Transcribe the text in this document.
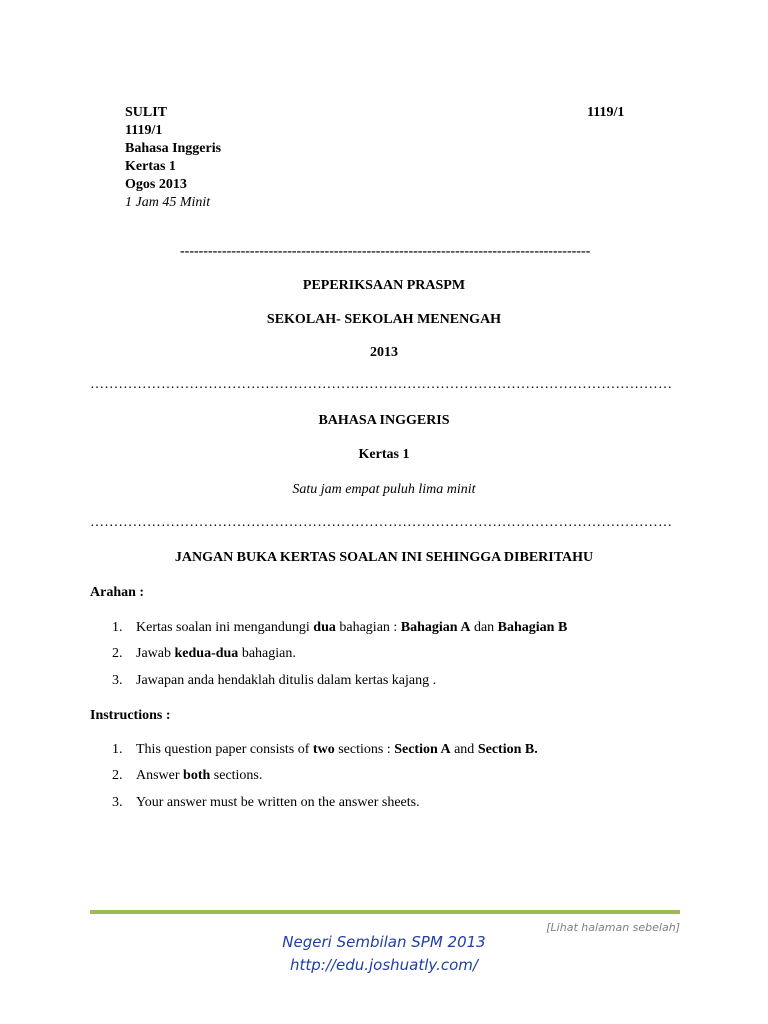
SULIT
1119/1
Bahasa Inggeris
Kertas 1
Ogos 2013
1 Jam 45 Minit
1119/1
----------------------------------------------------------------------------------------
PEPERIKSAAN PRASPM
SEKOLAH- SEKOLAH MENENGAH
2013
……………………………………………………………………………………………………………
BAHASA INGGERIS
Kertas 1
Satu jam empat puluh lima minit
……………………………………………………………………………………………………………
JANGAN BUKA KERTAS SOALAN INI SEHINGGA DIBERITAHU
Arahan :
1. Kertas soalan ini mengandungi dua bahagian : Bahagian A dan Bahagian B
2. Jawab kedua-dua bahagian.
3. Jawapan anda hendaklah ditulis dalam kertas kajang .
Instructions :
1. This question paper consists of two sections : Section A and Section B.
2. Answer both sections.
3. Your answer must be written on the answer sheets.
[Lihat halaman sebelah]
Negeri Sembilan SPM 2013
http://edu.joshuatly.com/
